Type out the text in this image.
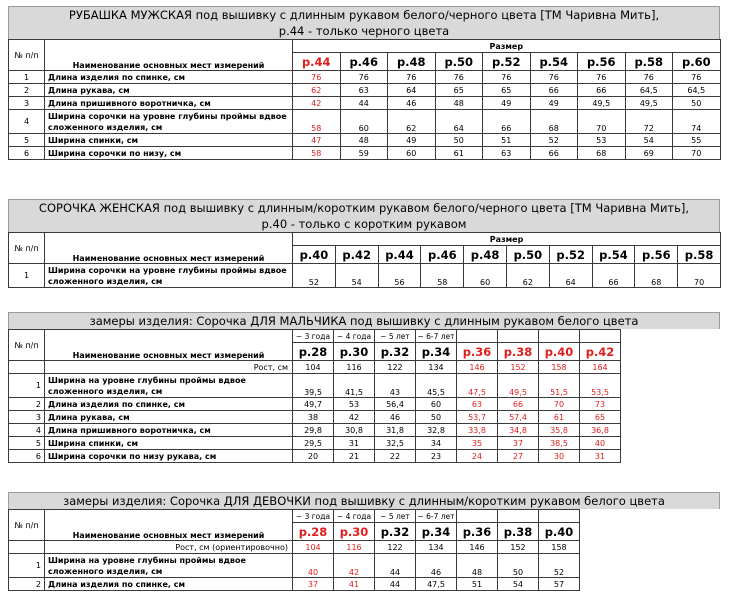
РУБАШКА МУЖСКАЯ под вышивку с длинным рукавом белого/черного цвета [ТМ Чаривна Мить],
р.44 - только черного цвета
№ п/п	Наименование основных мест измерений	Размер								
		р.44	р.46	р.48	р.50	р.52	р.54	р.56	р.58	р.60
1	Длина изделия по спинке, см	76	76	76	76	76	76	76	76	76
2	Длина рукава, см	62	63	64	65	65	66	66	64,5	64,5
3	Длина пришивного воротничка, см	42	44	46	48	49	49	49,5	49,5	50
4	Ширина сорочки на уровне глубины проймы вдвое сложенного изделия, см	58	60	62	64	66	68	70	72	74
5	Ширина спинки, см	47	48	49	50	51	52	53	54	55
6	Ширина сорочки по низу, см	58	59	60	61	63	66	68	69	70
СОРОЧКА ЖЕНСКАЯ под вышивку с длинным/коротким рукавом белого/черного цвета [ТМ Чаривна Мить],
р.40 - только с коротким рукавом
№ п/п	Наименование основных мест измерений	Размер									
		р.40	р.42	р.44	р.46	р.48	р.50	р.52	р.54	р.56	р.58
1	Ширина сорочки на уровне глубины проймы вдвое сложенного изделия, см	52	54	56	58	60	62	64	66	68	70
замеры изделия: Сорочка ДЛЯ МАЛЬЧИКА под вышивку с длинным рукавом белого цвета
№ п/п	Наименование основных мест измерений	~ 3 года	~ 4 года	~ 5 лет	~ 6-7 лет					
		р.28	р.30	р.32	р.34	р.36	р.38	р.40	р.42	
	Рост, см	104	116	122	134	146	152	158	164	
1	Ширина на уровне глубины проймы вдвое сложенного изделия, см	39,5	41,5	43	45,5	47,5	49,5	51,5	53,5	
2	Длина изделия по спинке, см	49,7	53	56,4	60	63	66	70	73	
3	Длина рукава, см	38	42	46	50	53,7	57,4	61	65	
4	Длина пришивного воротничка, см	29,8	30,8	31,8	32,8	33,8	34,8	35,8	36,8	
5	Ширина спинки, см	29,5	31	32,5	34	35	37	38,5	40	
6	Ширина сорочки по низу рукава, см	20	21	22	23	24	27	30	31	
замеры изделия: Сорочка ДЛЯ ДЕВОЧКИ под вышивку с длинным/коротким рукавом белого цвета
№ п/п	Наименование основных мест измерений	~ 3 года	~ 4 года	~ 5 лет	~ 6-7 лет				
		р.28	р.30	р.32	р.34	р.36	р.38	р.40	
	Рост, см (ориентировочно)	104	116	122	134	146	152	158	
1	Ширина на уровне глубины проймы вдвое сложенного изделия, см	40	42	44	46	48	50	52	
2	Длина изделия по спинке, см	37	41	44	47,5	51	54	57	
